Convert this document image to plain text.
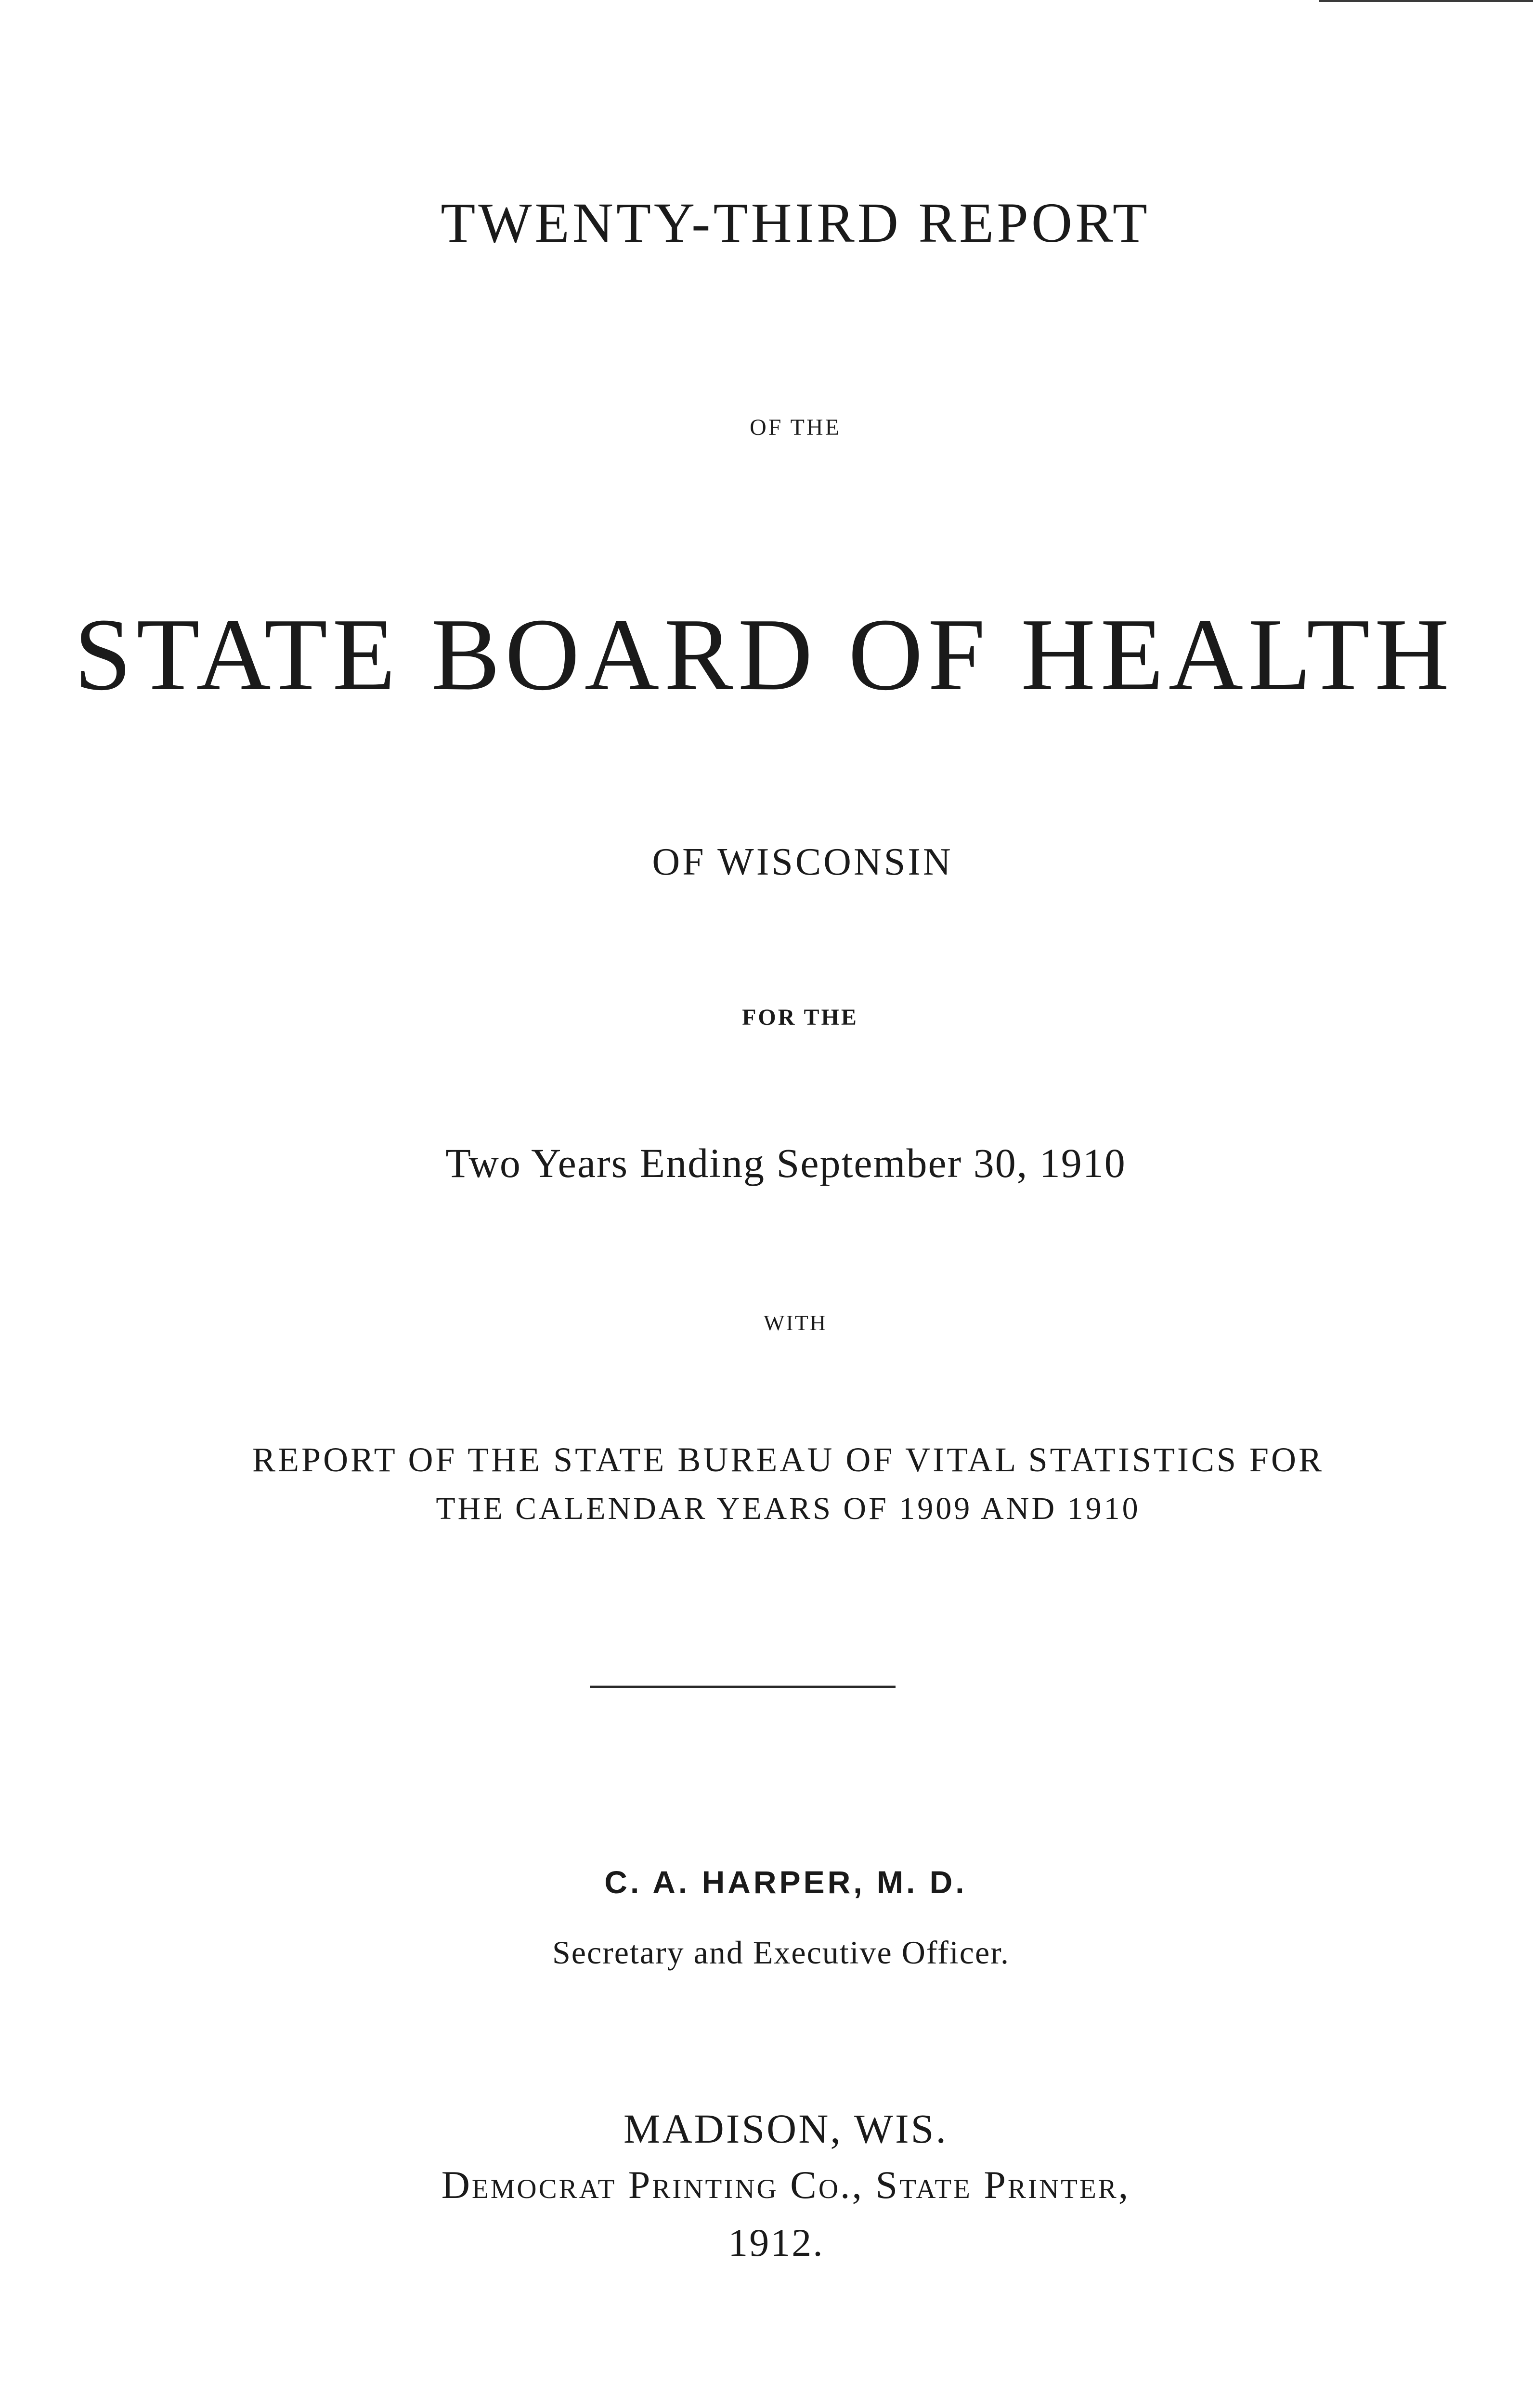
TWENTY-THIRD REPORT

OF THE

STATE BOARD OF HEALTH

OF WISCONSIN

FOR THE

Two Years Ending September 30, 1910

WITH

REPORT OF THE STATE BUREAU OF VITAL STATISTICS FOR

THE CALENDAR YEARS OF 1909 AND 1910

C. A. HARPER, M. D.

Secretary and Executive Officer.

MADISON, WIS.

Democrat Printing Co., State Printer,

1912.
